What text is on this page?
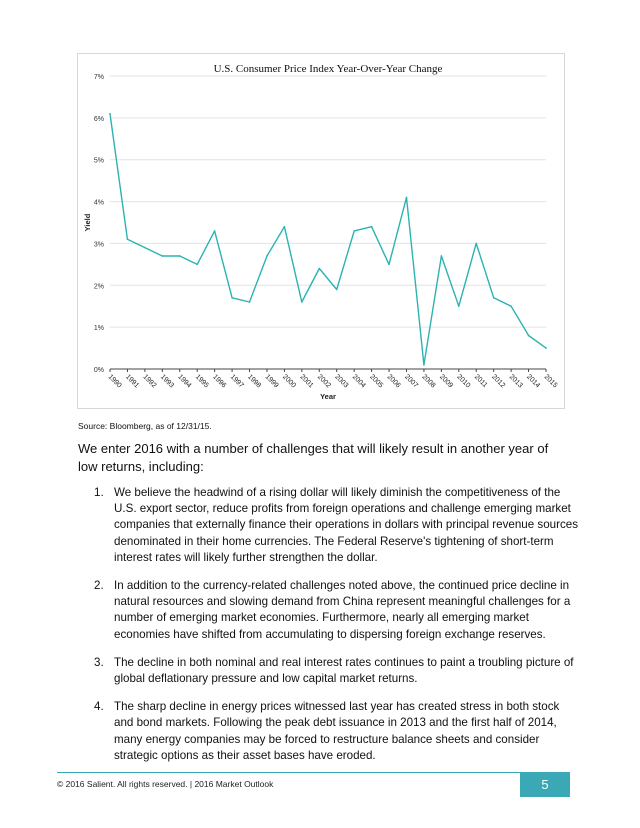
U.S. Consumer Price Index Year-Over-Year Change
0%
1%
2%
3%
4%
5%
6%
7%
1990 1991 1992 1993 1994 1995 1996 1997 1998 1999 2000 2001 2002 2003 2004 2005 2006 2007 2008 2009 2010 2011 2012 2013 2014 2015
Year
Yield
Source: Bloomberg, as of 12/31/15.
We enter 2016 with a number of challenges that will likely result in another year of low returns, including:
1. We believe the headwind of a rising dollar will likely diminish the competitiveness of the U.S. export sector, reduce profits from foreign operations and challenge emerging market companies that externally finance their operations in dollars with principal revenue sources denominated in their home currencies. The Federal Reserve's tightening of short-term interest rates will likely further strengthen the dollar.
2. In addition to the currency-related challenges noted above, the continued price decline in natural resources and slowing demand from China represent meaningful challenges for a number of emerging market economies. Furthermore, nearly all emerging market economies have shifted from accumulating to dispersing foreign exchange reserves.
3. The decline in both nominal and real interest rates continues to paint a troubling picture of global deflationary pressure and low capital market returns.
4. The sharp decline in energy prices witnessed last year has created stress in both stock and bond markets. Following the peak debt issuance in 2013 and the first half of 2014, many energy companies may be forced to restructure balance sheets and consider strategic options as their asset bases have eroded.
© 2016 Salient. All rights reserved. | 2016 Market Outlook	5
